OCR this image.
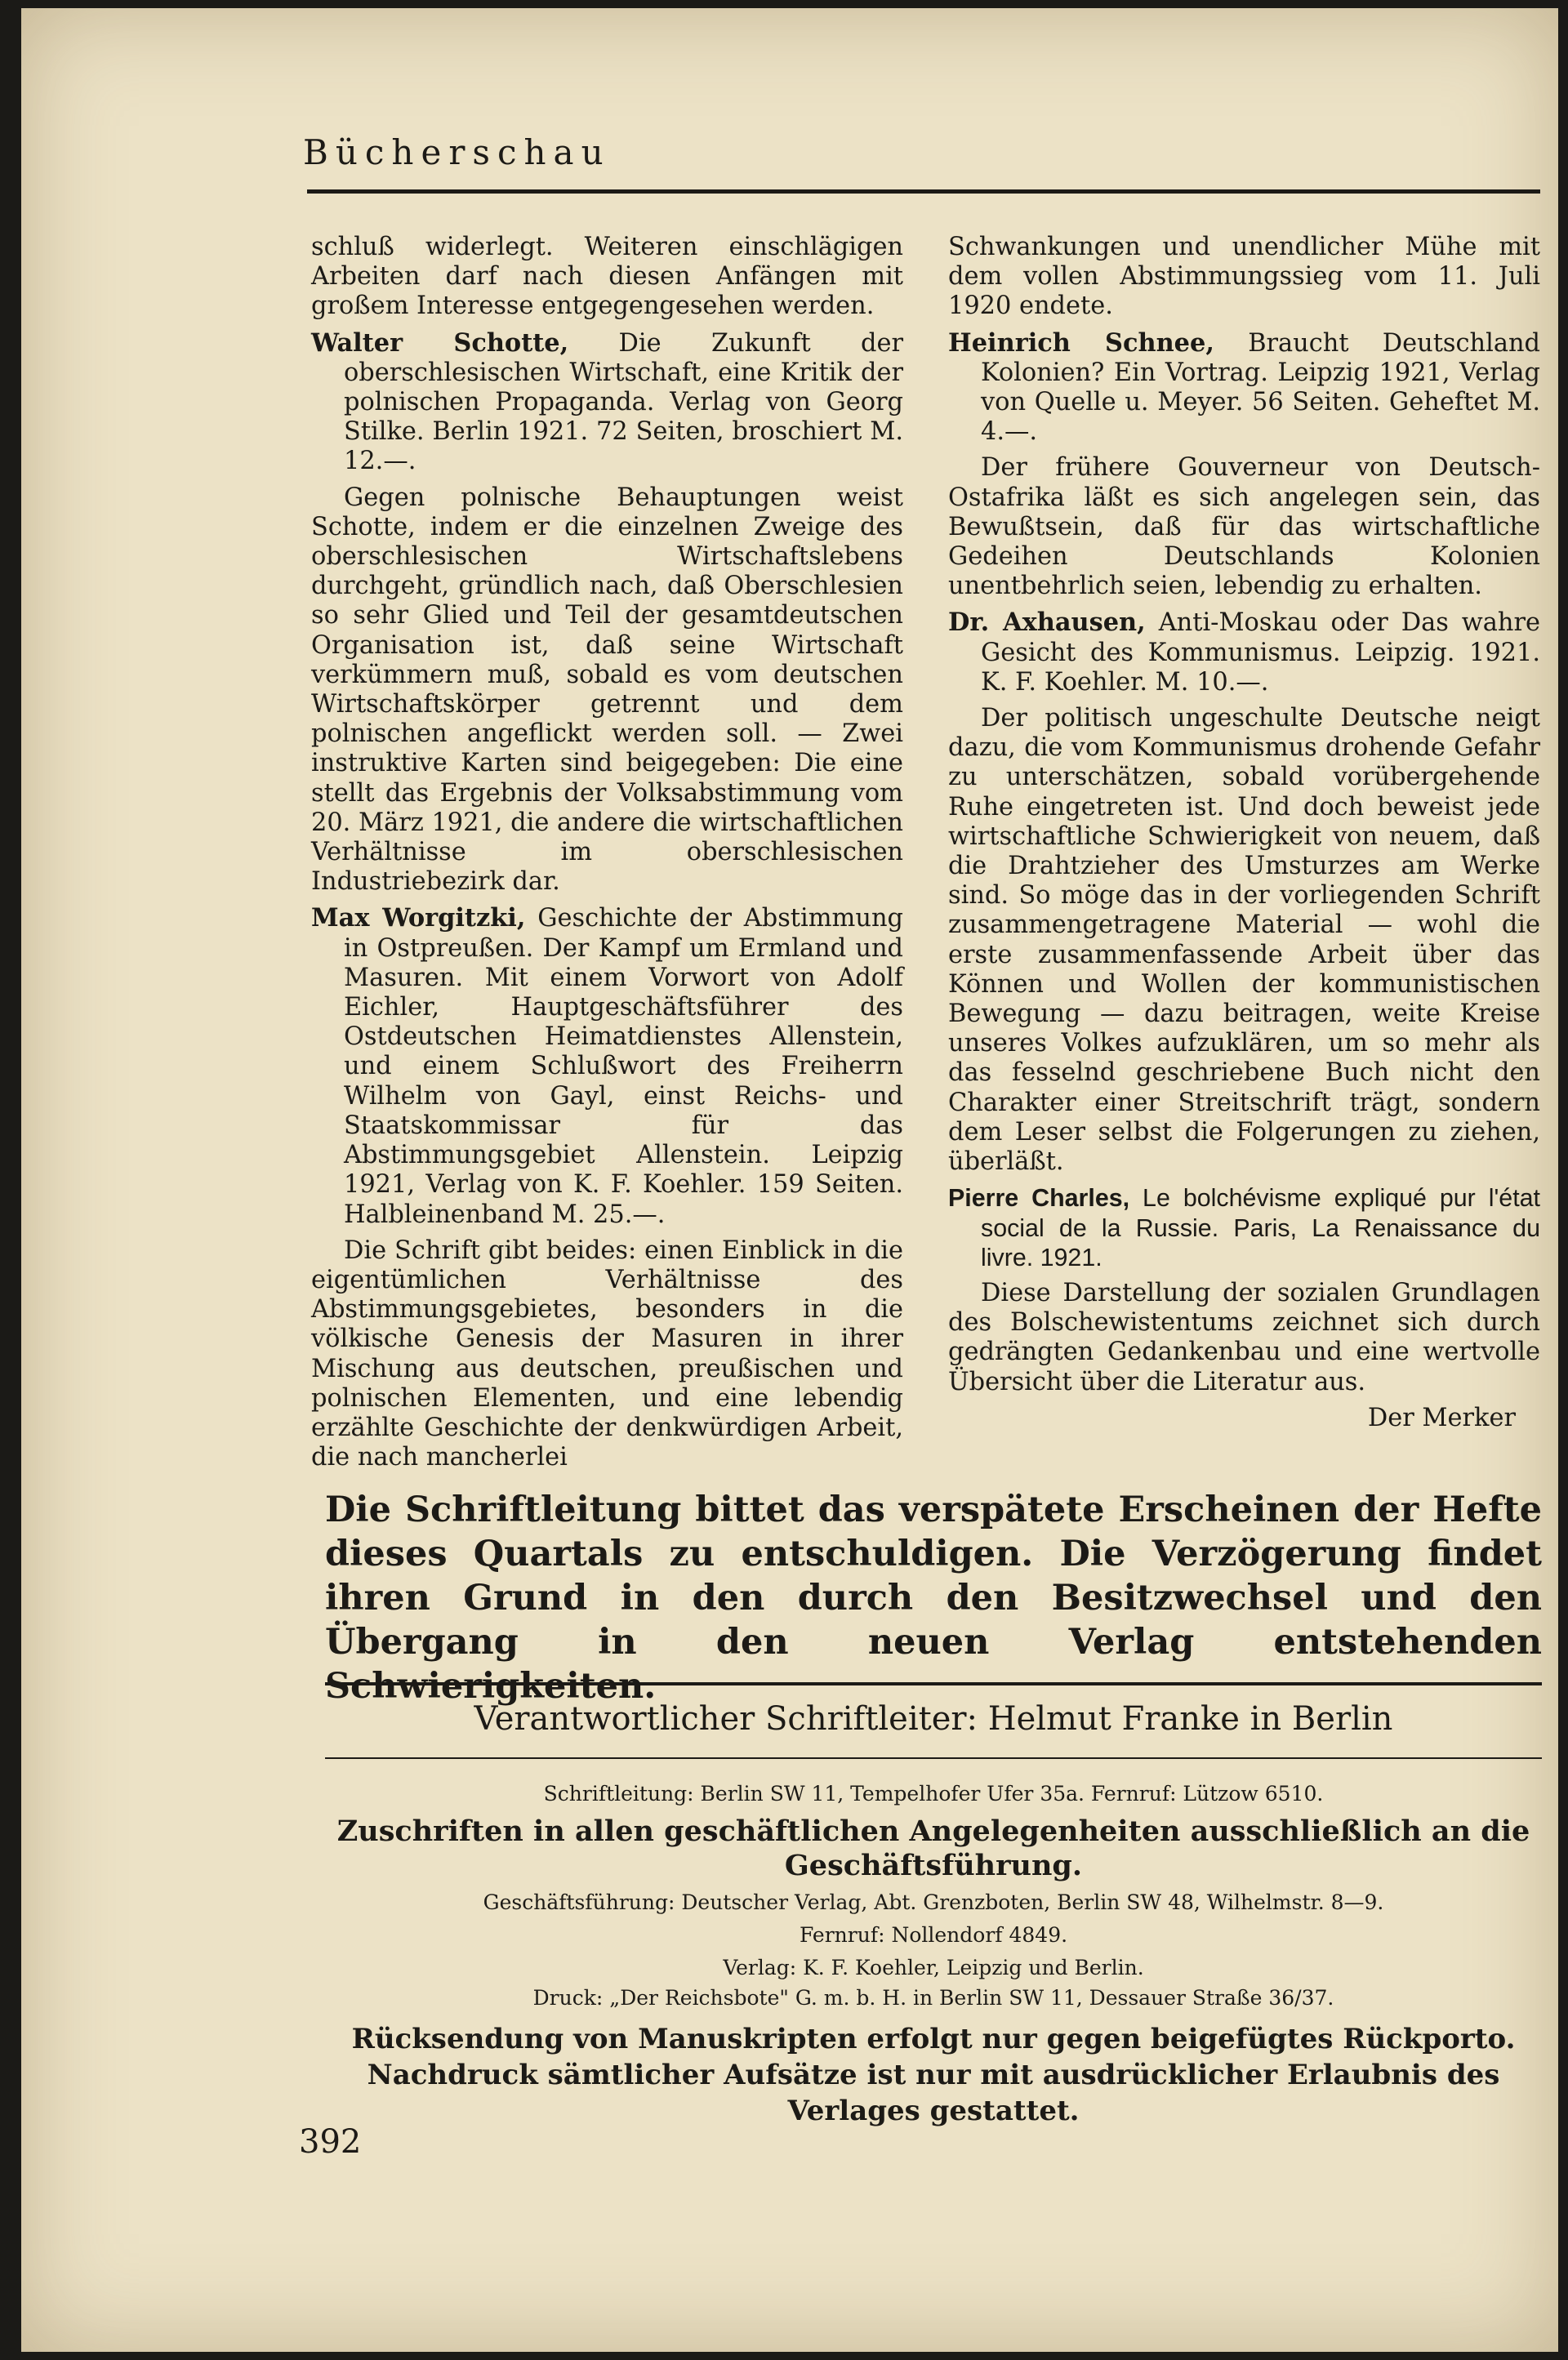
Bücherschau

schluß widerlegt. Weiteren einschlägigen Arbeiten darf nach diesen Anfängen mit großem Interesse entgegengesehen werden.

Walter Schotte, Die Zukunft der oberschlesischen Wirtschaft, eine Kritik der polnischen Propaganda. Verlag von Georg Stilke. Berlin 1921. 72 Seiten, broschiert M. 12.—.

Gegen polnische Behauptungen weist Schotte, indem er die einzelnen Zweige des oberschlesischen Wirtschaftslebens durchgeht, gründlich nach, daß Oberschlesien so sehr Glied und Teil der gesamtdeutschen Organisation ist, daß seine Wirtschaft verkümmern muß, sobald es vom deutschen Wirtschaftskörper getrennt und dem polnischen angeflickt werden soll. — Zwei instruktive Karten sind beigegeben: Die eine stellt das Ergebnis der Volksabstimmung vom 20. März 1921, die andere die wirtschaftlichen Verhältnisse im oberschlesischen Industriebezirk dar.

Max Worgitzki, Geschichte der Abstimmung in Ostpreußen. Der Kampf um Ermland und Masuren. Mit einem Vorwort von Adolf Eichler, Hauptgeschäftsführer des Ostdeutschen Heimatdienstes Allenstein, und einem Schlußwort des Freiherrn Wilhelm von Gayl, einst Reichs- und Staatskommissar für das Abstimmungsgebiet Allenstein. Leipzig 1921, Verlag von K. F. Koehler. 159 Seiten. Halbleinenband M. 25.—.

Die Schrift gibt beides: einen Einblick in die eigentümlichen Verhältnisse des Abstimmungsgebietes, besonders in die völkische Genesis der Masuren in ihrer Mischung aus deutschen, preußischen und polnischen Elementen, und eine lebendig erzählte Geschichte der denkwürdigen Arbeit, die nach mancherlei

Schwankungen und unendlicher Mühe mit dem vollen Abstimmungssieg vom 11. Juli 1920 endete.

Heinrich Schnee, Braucht Deutschland Kolonien? Ein Vortrag. Leipzig 1921, Verlag von Quelle u. Meyer. 56 Seiten. Geheftet M. 4.—.

Der frühere Gouverneur von Deutsch-Ostafrika läßt es sich angelegen sein, das Bewußtsein, daß für das wirtschaftliche Gedeihen Deutschlands Kolonien unentbehrlich seien, lebendig zu erhalten.

Dr. Axhausen, Anti-Moskau oder Das wahre Gesicht des Kommunismus. Leipzig. 1921. K. F. Koehler. M. 10.—.

Der politisch ungeschulte Deutsche neigt dazu, die vom Kommunismus drohende Gefahr zu unterschätzen, sobald vorübergehende Ruhe eingetreten ist. Und doch beweist jede wirtschaftliche Schwierigkeit von neuem, daß die Drahtzieher des Umsturzes am Werke sind. So möge das in der vorliegenden Schrift zusammengetragene Material — wohl die erste zusammenfassende Arbeit über das Können und Wollen der kommunistischen Bewegung — dazu beitragen, weite Kreise unseres Volkes aufzuklären, um so mehr als das fesselnd geschriebene Buch nicht den Charakter einer Streitschrift trägt, sondern dem Leser selbst die Folgerungen zu ziehen, überläßt.

Pierre Charles, Le bolchévisme expliqué pur l'état social de la Russie. Paris, La Renaissance du livre. 1921.

Diese Darstellung der sozialen Grundlagen des Bolschewistentums zeichnet sich durch gedrängten Gedankenbau und eine wertvolle Übersicht über die Literatur aus.

Der Merker

Die Schriftleitung bittet das verspätete Erscheinen der Hefte dieses Quartals zu entschuldigen. Die Verzögerung findet ihren Grund in den durch den Besitzwechsel und den Übergang in den neuen Verlag entstehenden Schwierigkeiten.
Verantwortlicher Schriftleiter: Helmut Franke in Berlin
Schriftleitung: Berlin SW 11, Tempelhofer Ufer 35a. Fernruf: Lützow 6510.
Zuschriften in allen geschäftlichen Angelegenheiten ausschließlich an die Geschäftsführung.
Geschäftsführung: Deutscher Verlag, Abt. Grenzboten, Berlin SW 48, Wilhelmstr. 8—9.
Fernruf: Nollendorf 4849.
Verlag: K. F. Koehler, Leipzig und Berlin.
Druck: „Der Reichsbote" G. m. b. H. in Berlin SW 11, Dessauer Straße 36/37.
Rücksendung von Manuskripten erfolgt nur gegen beigefügtes Rückporto.
Nachdruck sämtlicher Aufsätze ist nur mit ausdrücklicher Erlaubnis des Verlages gestattet.
392
